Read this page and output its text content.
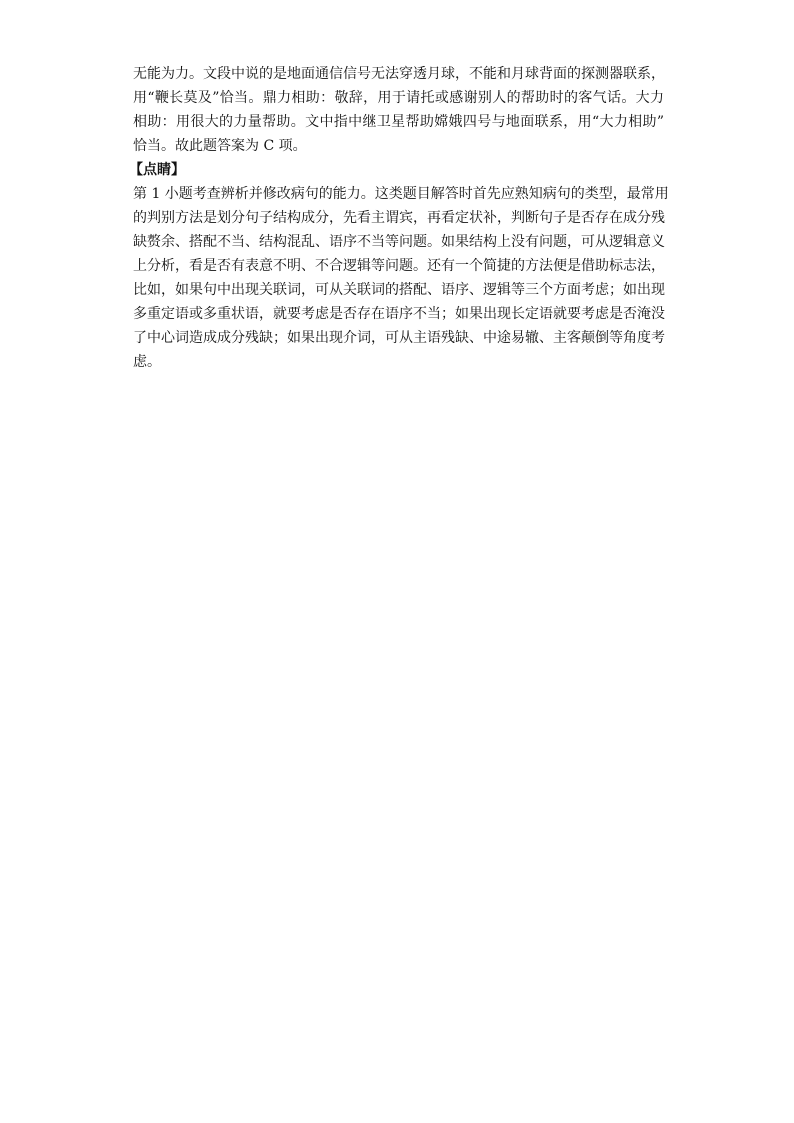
无能为力。文段中说的是地面通信信号无法穿透月球，不能和月球背面的探测器联系，
用“鞭长莫及”恰当。鼎力相助：敬辞，用于请托或感谢别人的帮助时的客气话。大力
相助：用很大的力量帮助。文中指中继卫星帮助嫦娥四号与地面联系，用“大力相助”
恰当。故此题答案为 C 项。
【点睛】
第 1 小题考查辨析并修改病句的能力。这类题目解答时首先应熟知病句的类型，最常用
的判别方法是划分句子结构成分，先看主谓宾，再看定状补，判断句子是否存在成分残
缺赘余、搭配不当、结构混乱、语序不当等问题。如果结构上没有问题，可从逻辑意义
上分析，看是否有表意不明、不合逻辑等问题。还有一个简捷的方法便是借助标志法，
比如，如果句中出现关联词，可从关联词的搭配、语序、逻辑等三个方面考虑；如出现
多重定语或多重状语，就要考虑是否存在语序不当；如果出现长定语就要考虑是否淹没
了中心词造成成分残缺；如果出现介词，可从主语残缺、中途易辙、主客颠倒等角度考
虑。
